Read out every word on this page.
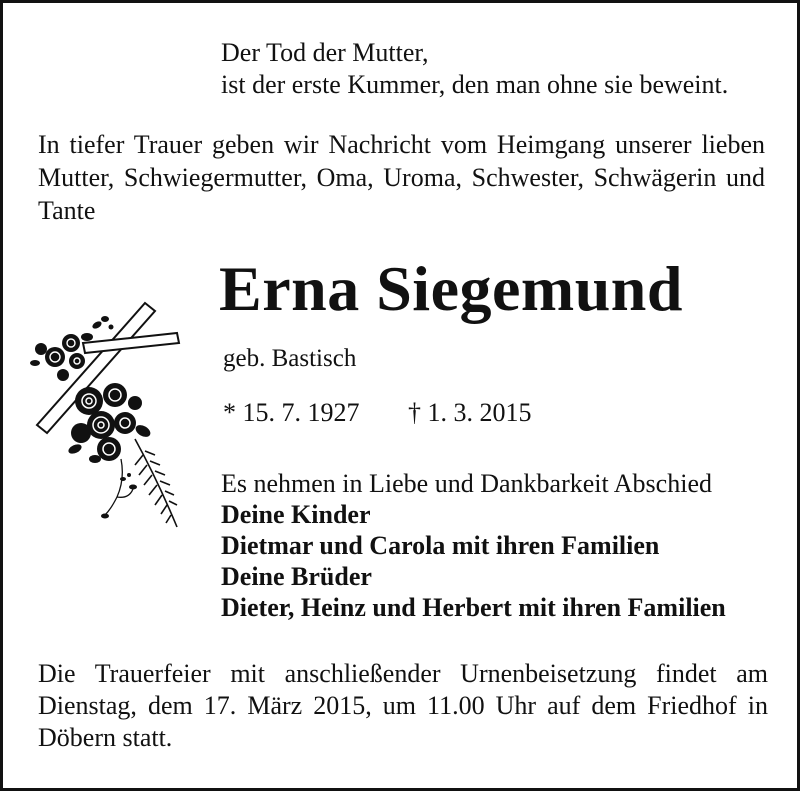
Der Tod der Mutter,
ist der erste Kummer, den man ohne sie beweint.
In tiefer Trauer geben wir Nachricht vom Heimgang unserer lieben Mutter, Schwiegermutter, Oma, Uroma, Schwester, Schwägerin und Tante
Erna Siegemund
geb. Bastisch
* 15. 7. 1927 † 1. 3. 2015
Es nehmen in Liebe und Dankbarkeit Abschied
Deine Kinder
Dietmar und Carola mit ihren Familien
Deine Brüder
Dieter, Heinz und Herbert mit ihren Familien
Die Trauerfeier mit anschließender Urnenbeisetzung findet am Dienstag, dem 17. März 2015, um 11.00 Uhr auf dem Friedhof in Döbern statt.
